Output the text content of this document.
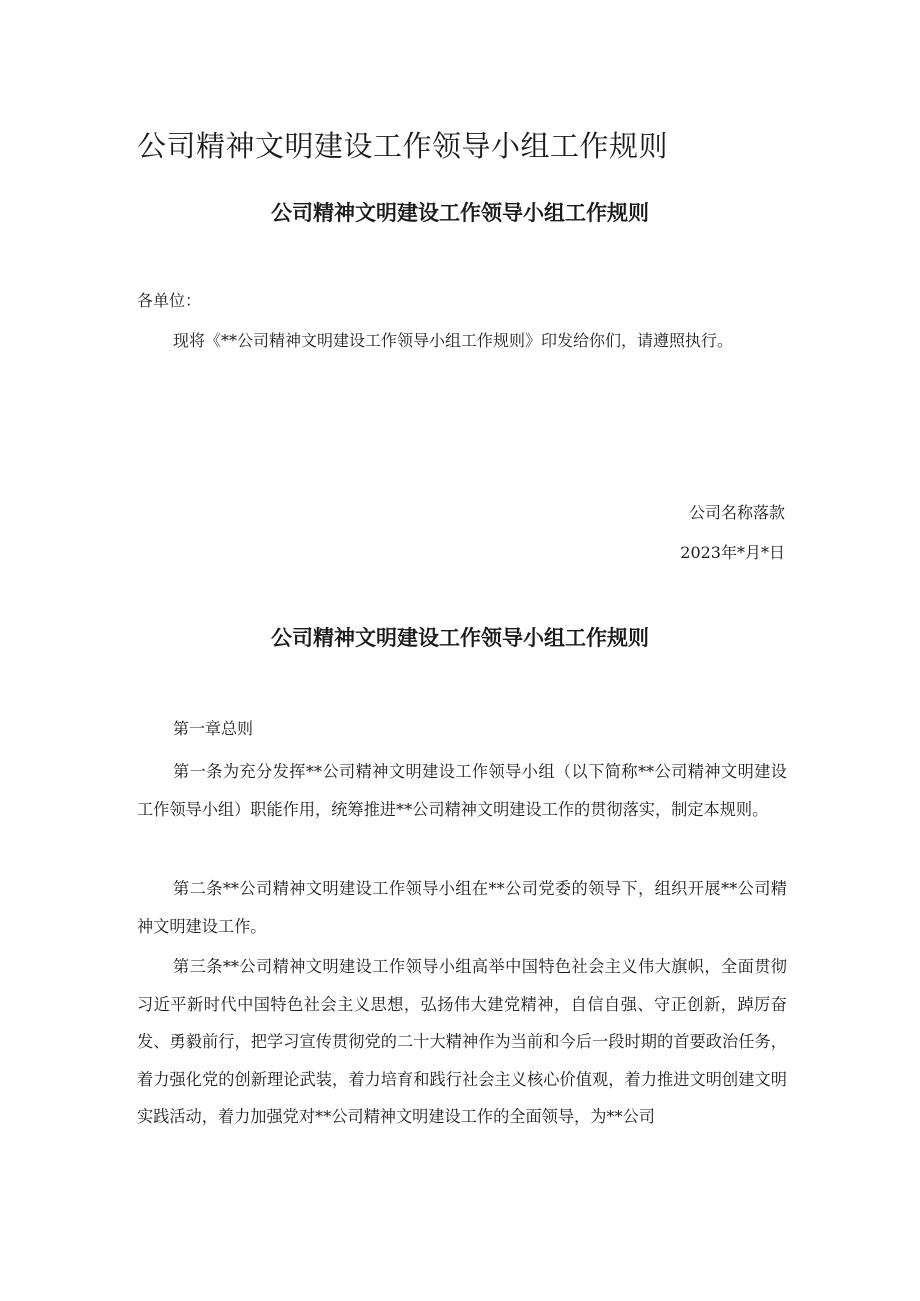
公司精神文明建设工作领导小组工作规则
公司精神文明建设工作领导小组工作规则

各单位：

现将《**公司精神文明建设工作领导小组工作规则》印发给你们，请遵照执行。

公司名称落款
2023年*月*日
公司精神文明建设工作领导小组工作规则

第一章总则

第一条为充分发挥**公司精神文明建设工作领导小组（以下简称**公司精神文明建设工作领导小组）职能作用，统筹推进**公司精神文明建设工作的贯彻落实，制定本规则。

第二条**公司精神文明建设工作领导小组在**公司党委的领导下，组织开展**公司精神文明建设工作。

第三条**公司精神文明建设工作领导小组高举中国特色社会主义伟大旗帜，全面贯彻习近平新时代中国特色社会主义思想，弘扬伟大建党精神，自信自强、守正创新，踔厉奋发、勇毅前行，把学习宣传贯彻党的二十大精神作为当前和今后一段时期的首要政治任务，着力强化党的创新理论武装，着力培育和践行社会主义核心价值观，着力推进文明创建文明实践活动，着力加强党对**公司精神文明建设工作的全面领导，为**公司
